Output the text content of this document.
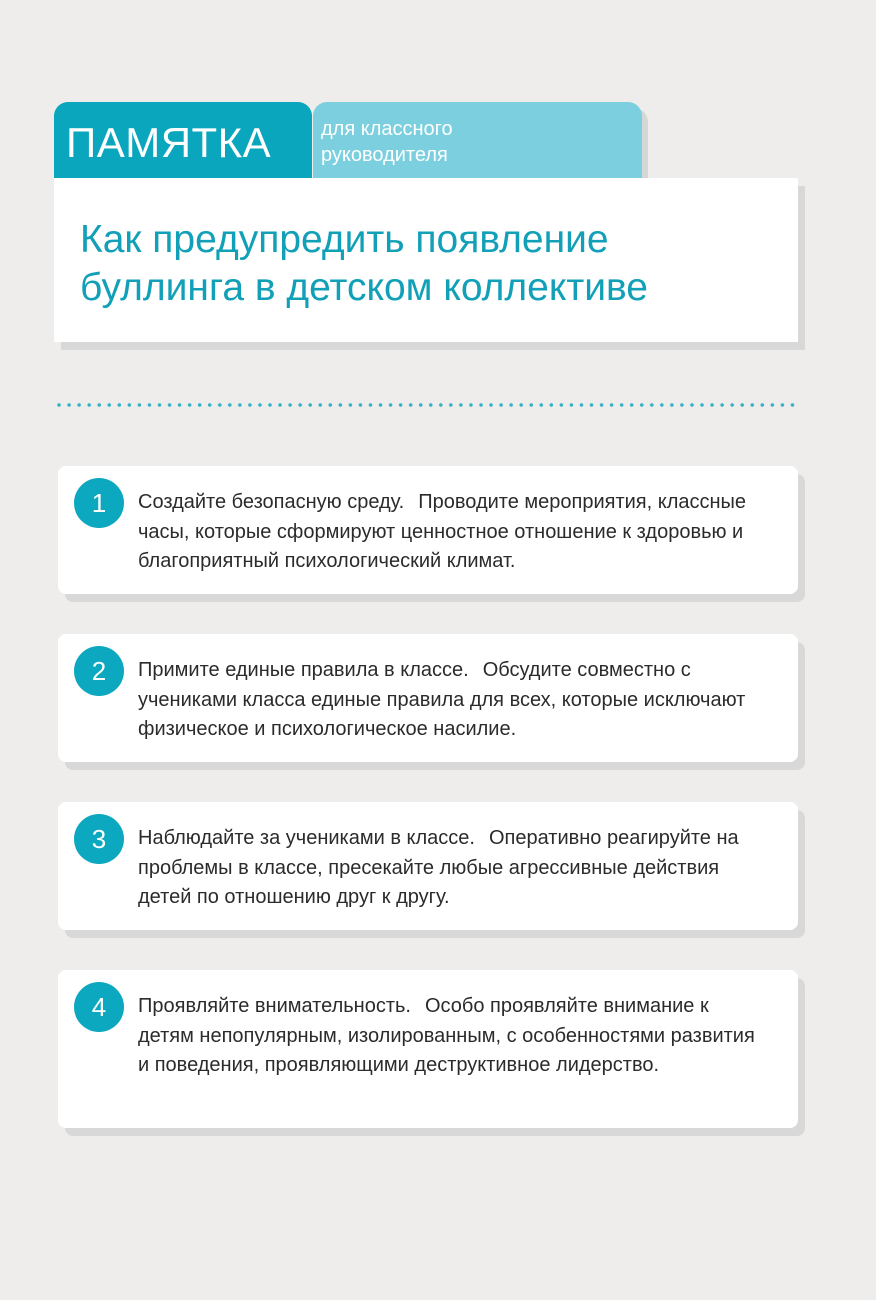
ПАМЯТКА для классного
руководителя
Как предупредить появление
буллинга в детском коллективе
1	Создайте безопасную среду. Проводите мероприятия, классные часы, которые сформируют ценностное отношение к здоровью и благоприятный психологический климат.
2	Примите единые правила в классе. Обсудите совместно с учениками класса единые правила для всех, которые исключают физическое и психологическое насилие.
3	Наблюдайте за учениками в классе. Оперативно реагируйте на проблемы в классе, пресекайте любые агрессивные действия детей по отношению друг к другу.
4	Проявляйте внимательность. Особо проявляйте внимание к детям непопулярным, изолированным, с особенностями развития и поведения, проявляющими деструктивное лидерство.
